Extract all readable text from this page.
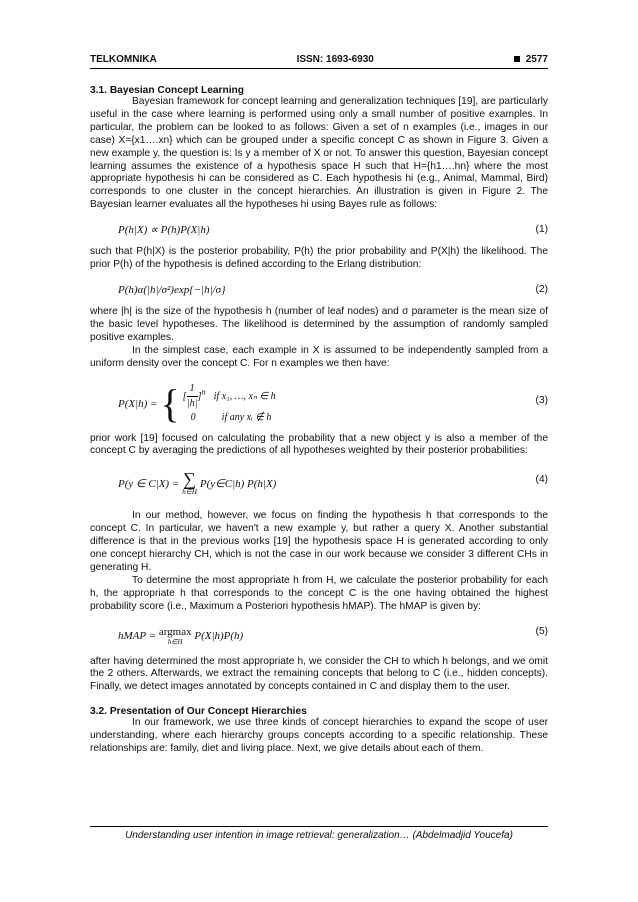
TELKOMNIKA	ISSN: 1693-6930	2577
3.1. Bayesian Concept Learning

Bayesian framework for concept learning and generalization techniques [19], are particularly useful in the case where learning is performed using only a small number of positive examples. In particular, the problem can be looked to as follows: Given a set of n examples (i.e., images in our case) X={x1….xn} which can be grouped under a specific concept C as shown in Figure 3. Given a new example y, the question is: Is y a member of X or not. To answer this question, Bayesian concept learning assumes the existence of a hypothesis space H such that H={h1….hn} where the most appropriate hypothesis hi can be considered as C. Each hypothesis hi (e.g., Animal, Mammal, Bird) corresponds to one cluster in the concept hierarchies. An illustration is given in Figure 2. The Bayesian learner evaluates all the hypotheses hi using Bayes rule as follows:

P(h|X) ∝ P(h)P(X|h)	(1)

such that P(h|X) is the posterior probability, P(h) the prior probability and P(X|h) the likelihood. The prior P(h) of the hypothesis is defined according to the Erlang distribution:

P(h)α(|h|/σ²)exp{−|h|/σ}	(2)

where |h| is the size of the hypothesis h (number of leaf nodes) and σ parameter is the mean size of the basic level hypotheses. The likelihood is determined by the assumption of randomly sampled positive examples.

In the simplest case, each example in X is assumed to be independently sampled from a uniform density over the concept C. For n examples we then have:

P(X|h) = { [ $\frac{1}{|h|} ]^n$ if x₁, …, xₙ ∈ h
0	if any xᵢ ∉ h
(3)

prior work [19] focused on calculating the probability that a new object y is also a member of the concept C by averaging the predictions of all hypotheses weighted by their posterior probabilities:

P(y ∈ C|X) = ∑
h∈H
P(y∈C|h) P(h|X)	(4)

In our method, however, we focus on finding the hypothesis h that corresponds to the concept C. In particular, we haven't a new example y, but rather a query X. Another substantial difference is that in the previous works [19] the hypothesis space H is generated according to only one concept hierarchy CH, which is not the case in our work because we consider 3 different CHs in generating H.

To determine the most appropriate h from H, we calculate the posterior probability for each h, the appropriate h that corresponds to the concept C is the one having obtained the highest probability score (i.e., Maximum a Posteriori hypothesis hMAP). The hMAP is given by:

hMAP =
argmax
h∈H
P(X|h)P(h)	(5)

after having determined the most appropriate h, we consider the CH to which h belongs, and we omit the 2 others. Afterwards, we extract the remaining concepts that belong to C (i.e., hidden concepts). Finally, we detect images annotated by concepts contained in C and display them to the user.

3.2. Presentation of Our Concept Hierarchies

In our framework, we use three kinds of concept hierarchies to expand the scope of user understanding, where each hierarchy groups concepts according to a specific relationship. These relationships are: family, diet and living place. Next, we give details about each of them.

Understanding user intention in image retrieval: generalization… (Abdelmadjid Youcefa)
